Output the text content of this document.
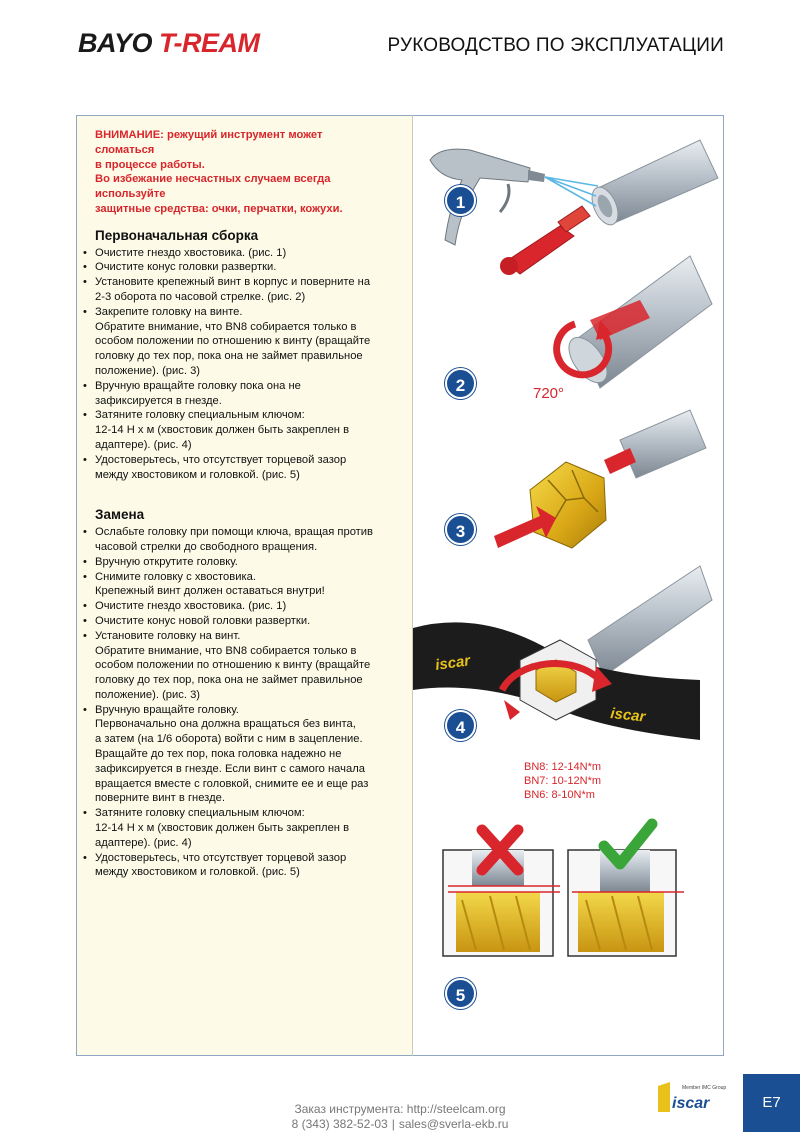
BAYO T-REAM	РУКОВОДСТВО ПО ЭКСПЛУАТАЦИИ
ВНИМАНИЕ: режущий инструмент может
сломаться
в процессе работы.
Во избежание несчастных случаем всегда
используйте
защитные средства: очки, перчатки, кожухи.
Первоначальная сборка
• Очистите гнездо хвостовика. (рис. 1)
• Очистите конус головки развертки.
• Установите крепежный винт в корпус и поверните на
2-3 оборота по часовой стрелке. (рис. 2)
• Закрепите головку на винте.
Обратите внимание, что BN8 собирается только в
особом положении по отношению к винту (вращайте
головку до тех пор, пока она не займет правильное
положение). (рис. 3)
• Вручную вращайте головку пока она не
зафиксируется в гнезде.
• Затяните головку специальным ключом:
12-14 Н х м (хвостовик должен быть закреплен в
адаптере). (рис. 4)
• Удостоверьтесь, что отсутствует торцевой зазор
между хвостовиком и головкой. (рис. 5)
Замена
• Ослабьте головку при помощи ключа, вращая против
часовой стрелки до свободного вращения.
• Вручную открутите головку.
• Снимите головку с хвостовика.
Крепежный винт должен оставаться внутри!
• Очистите гнездо хвостовика. (рис. 1)
• Очистите конус новой головки развертки.
• Установите головку на винт.
Обратите внимание, что BN8 собирается только в
особом положении по отношению к винту (вращайте
головку до тех пор, пока она не займет правильное
положение). (рис. 3)
• Вручную вращайте головку.
Первоначально она должна вращаться без винта,
а затем (на 1/6 оборота) войти с ним в зацепление.
Вращайте до тех пор, пока головка надежно не
зафиксируется в гнезде. Если винт с самого начала
вращается вместе с головкой, снимите ее и еще раз
поверните винт в гнезде.
• Затяните головку специальным ключом:
12-14 Н х м (хвостовик должен быть закреплен в
адаптере). (рис. 4)
• Удостоверьтесь, что отсутствует торцевой зазор
между хвостовиком и головкой. (рис. 5)
720°
iscar
iscar
1
2
3
4
5
BN8: 12-14N*m
BN7: 10-12N*m
BN6: 8-10N*m
Заказ инструмента: http://steelcam.org
8 (343) 382-52-03 | sales@sverla-ekb.ru
Member IMC Group
iscar	E7
